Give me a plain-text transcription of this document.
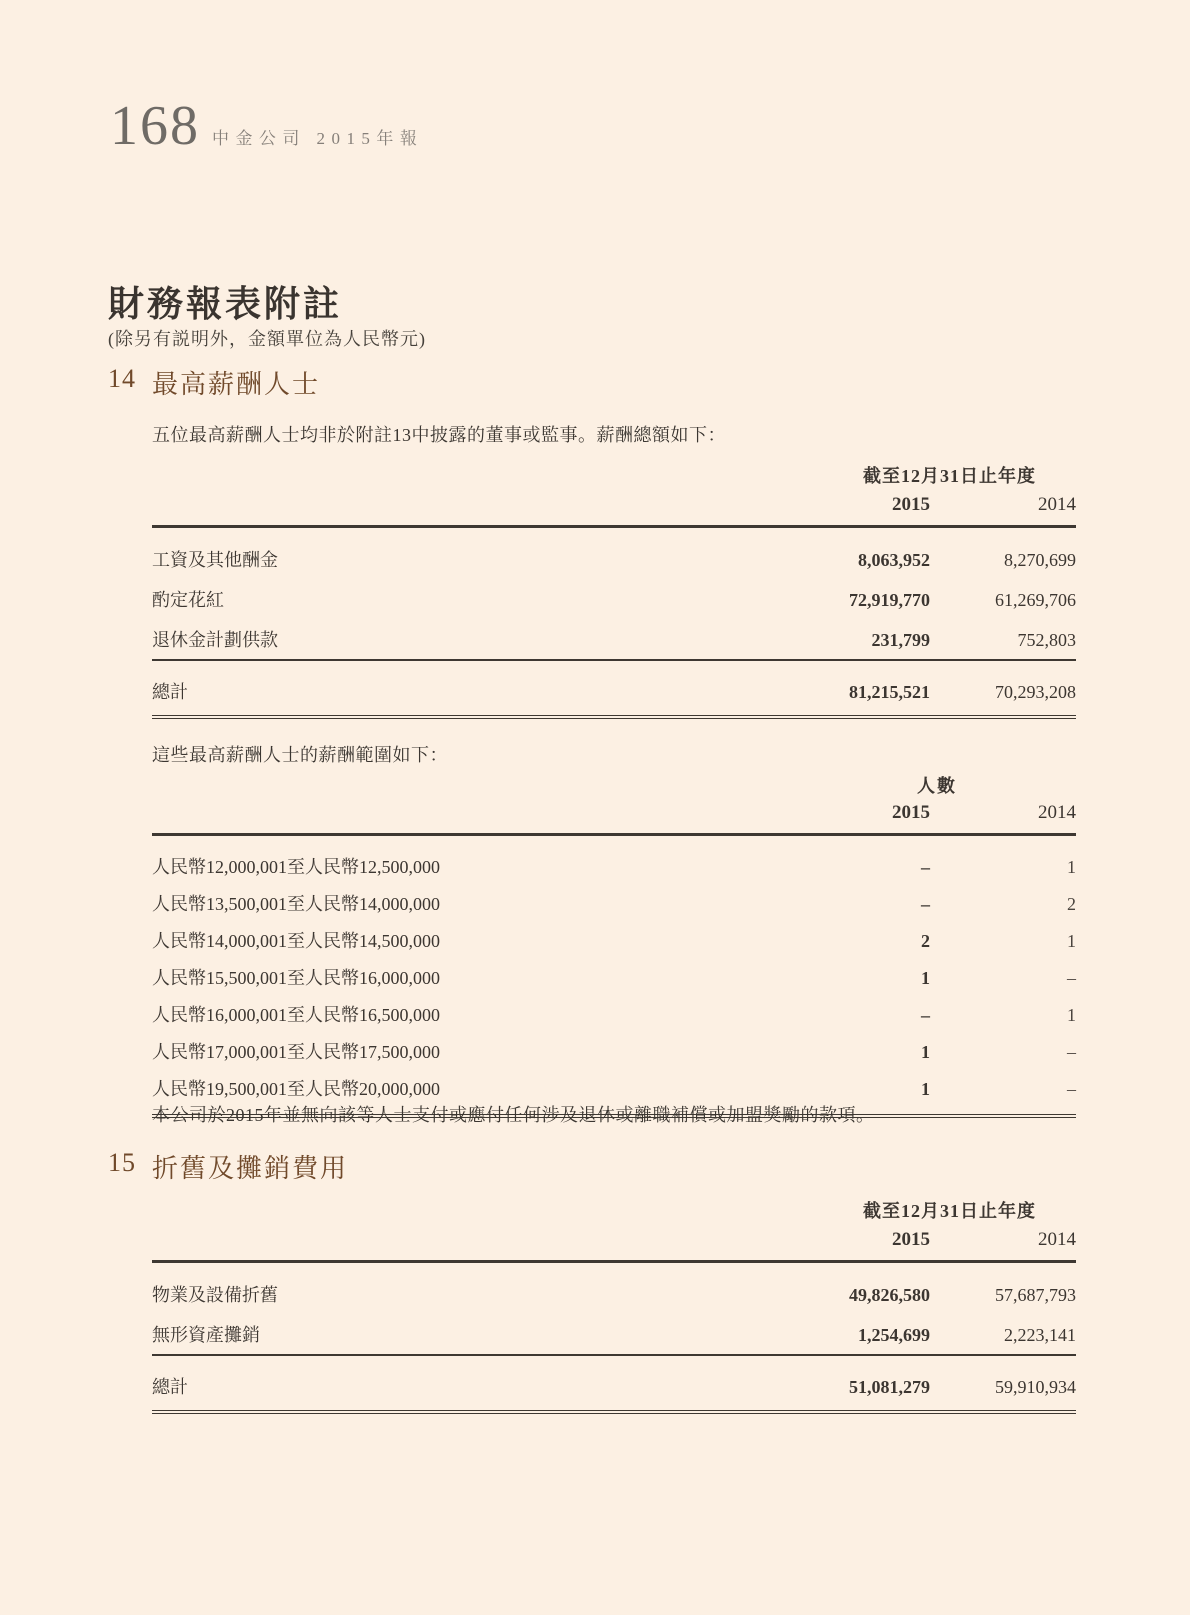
168 中金公司 2015年報
財務報表附註
(除另有説明外，金額單位為人民幣元)
14 最高薪酬人士
五位最高薪酬人士均非於附註13中披露的董事或監事。薪酬總額如下：
截至12月31日止年度
2015	2014
工資及其他酬金	8,063,952	8,270,699
酌定花紅	72,919,770	61,269,706
退休金計劃供款	231,799	752,803
總計	81,215,521	70,293,208
這些最高薪酬人士的薪酬範圍如下：
人數
2015	2014
人民幣12,000,001至人民幣12,500,000	–	1
人民幣13,500,001至人民幣14,000,000	–	2
人民幣14,000,001至人民幣14,500,000	2	1
人民幣15,500,001至人民幣16,000,000	1	–
人民幣16,000,001至人民幣16,500,000	–	1
人民幣17,000,001至人民幣17,500,000	1	–
人民幣19,500,001至人民幣20,000,000	1	–
本公司於2015年並無向該等人士支付或應付任何涉及退休或離職補償或加盟獎勵的款項。
15 折舊及攤銷費用
截至12月31日止年度
2015	2014
物業及設備折舊	49,826,580	57,687,793
無形資產攤銷	1,254,699	2,223,141
總計	51,081,279	59,910,934
